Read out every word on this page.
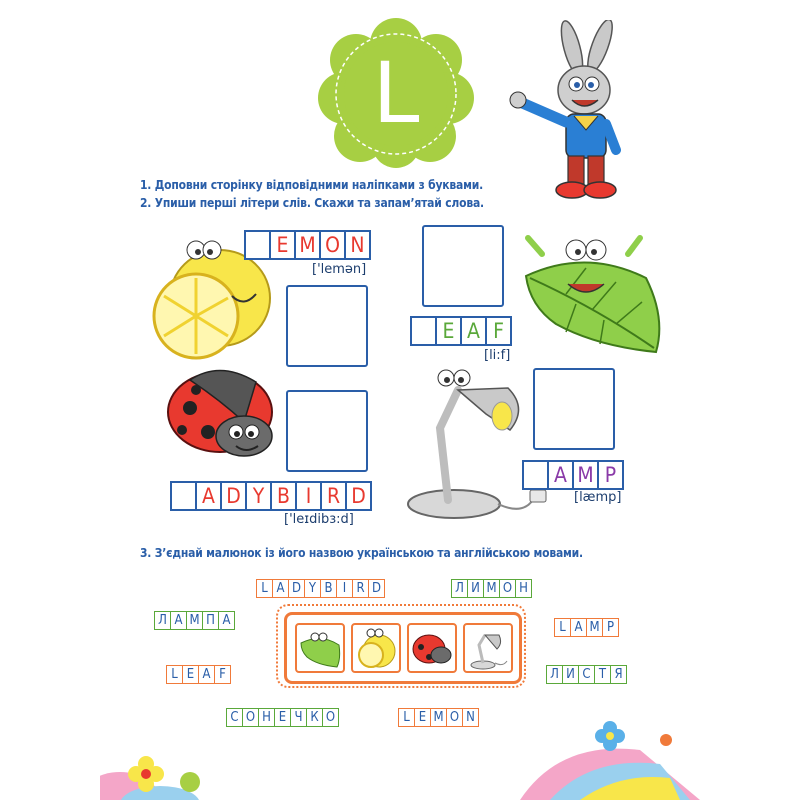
L
1. Доповни сторінку відповідними наліпками з буквами.
2. Упиши перші літери слів. Скажи та запам’ятай слова.
E M O N
['lemən]
E A F
[li:f]
A D Y B I R D
['leɪdibɜ:d]
A M P
[læmp]
3. З’єднай малюнок із його назвою українською та англійською мовами.
L A D Y B I R D	Л И М О Н
Л А М П А	L A M P
L E A F	Л И С Т Я
С О Н Е Ч К О	L E M O N
